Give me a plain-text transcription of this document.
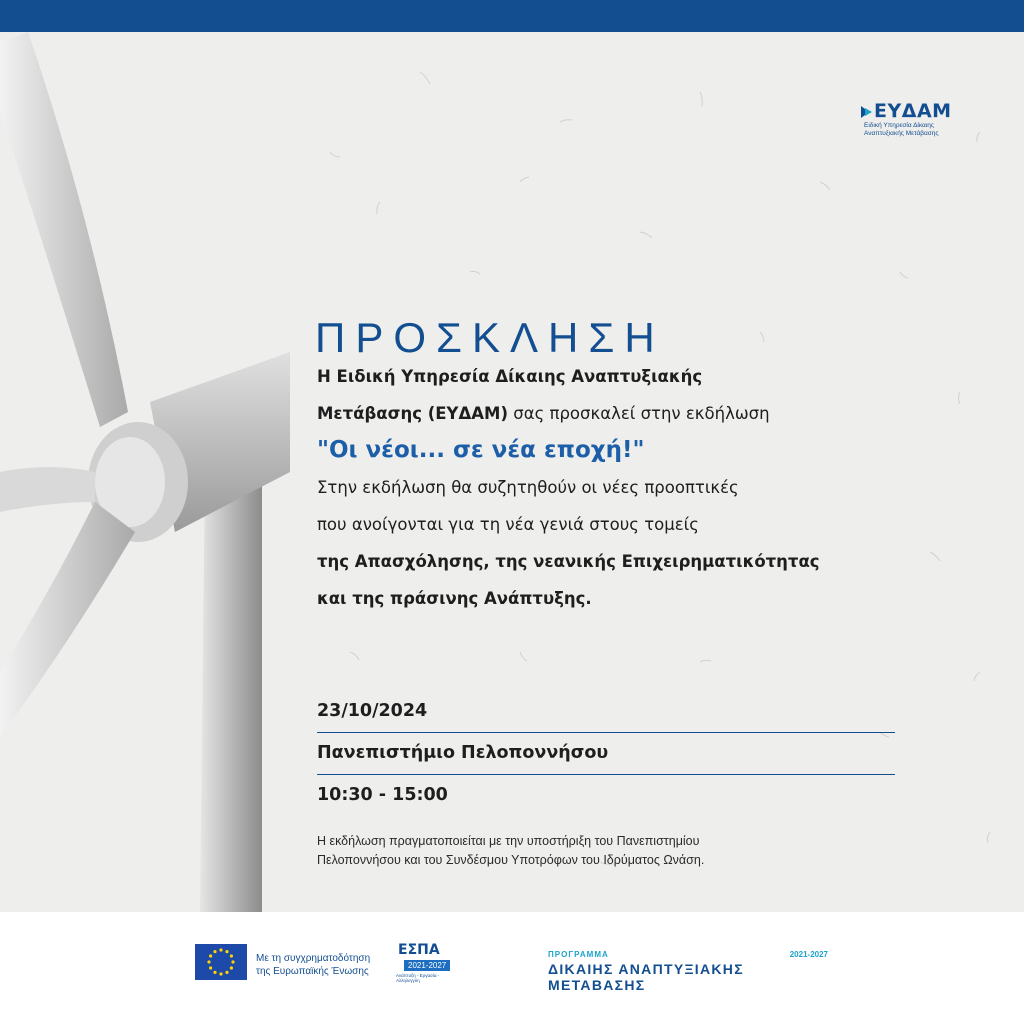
ΕΥΔΑΜ
Ειδική Υπηρεσία Δίκαιης Αναπτυξιακής Μετάβασης
ΠΡΟΣΚΛΗΣΗ
Η Ειδική Υπηρεσία Δίκαιης Αναπτυξιακής
Μετάβασης (ΕΥΔΑΜ) σας προσκαλεί στην εκδήλωση
"Οι νέοι... σε νέα εποχή!"
Στην εκδήλωση θα συζητηθούν οι νέες προοπτικές
που ανοίγονται για τη νέα γενιά στους τομείς
της Απασχόλησης, της νεανικής Επιχειρηματικότητας
και της πράσινης Ανάπτυξης.
23/10/2024
Πανεπιστήμιο Πελοποννήσου
10:30 - 15:00
Η εκδήλωση πραγματοποιείται με την υποστήριξη του Πανεπιστημίου
Πελοποννήσου και του Συνδέσμου Υποτρόφων του Ιδρύματος Ωνάση.
Με τη συγχρηματοδότηση
της Ευρωπαϊκής Ένωσης
ΕΣΠΑ
2021-2027
Ανάπτυξη - Εργασία - Αλληλεγγύη
ΠΡΟΓΡΑΜΜΑ	2021-2027
ΔΙΚΑΙΗΣ ΑΝΑΠΤΥΞΙΑΚΗΣ ΜΕΤΑΒΑΣΗΣ
